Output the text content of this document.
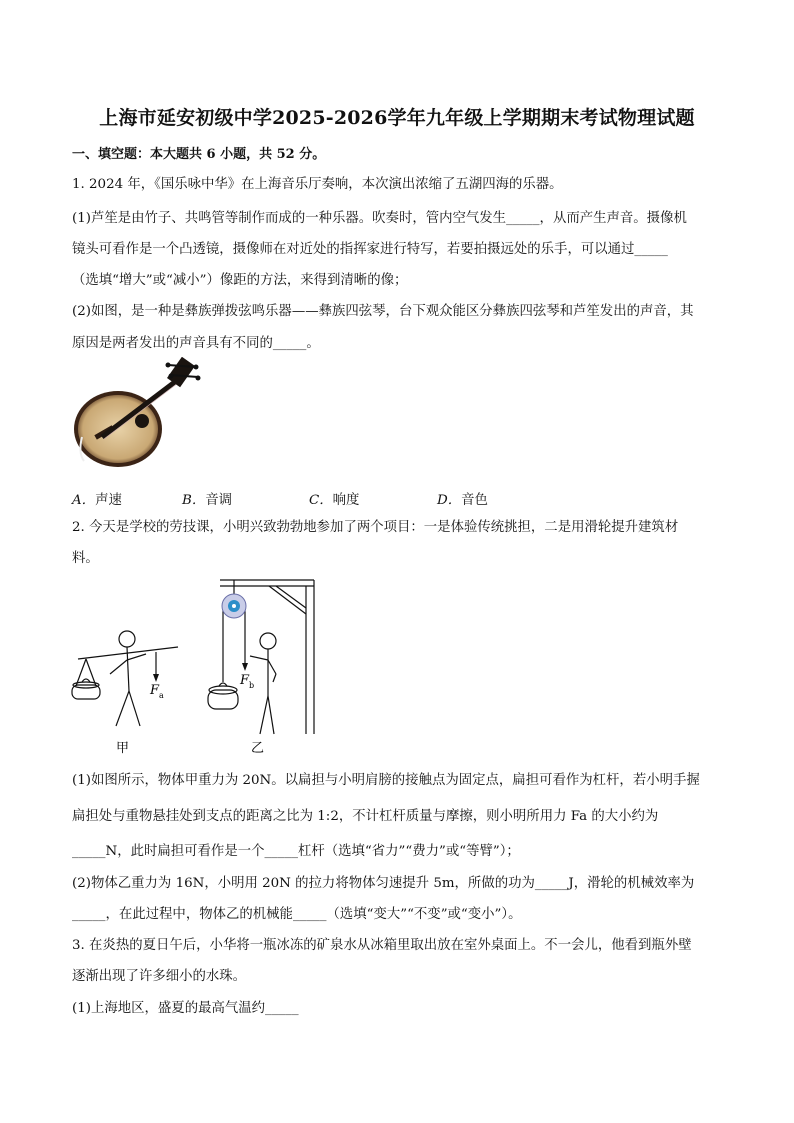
上海市延安初级中学2025-2026学年九年级上学期期末考试物理试题
一、填空题：本大题共 6 小题，共 52 分。
1. 2024 年，《国乐咏中华》在上海音乐厅奏响，本次演出浓缩了五湖四海的乐器。
(1)芦笙是由竹子、共鸣管等制作而成的一种乐器。吹奏时，管内空气发生_____，从而产生声音。摄像机
镜头可看作是一个凸透镜，摄像师在对近处的指挥家进行特写，若要拍摄远处的乐手，可以通过_____
（选填“增大”或“减小”）像距的方法，来得到清晰的像；
(2)如图，是一种是彝族弹拨弦鸣乐器——彝族四弦琴，台下观众能区分彝族四弦琴和芦笙发出的声音，其
原因是两者发出的声音具有不同的_____。
A．声速	B．音调	C．响度	D．音色
2. 今天是学校的劳技课，小明兴致勃勃地参加了两个项目：一是体验传统挑担，二是用滑轮提升建筑材
料。
F a
甲
F b
乙
(1)如图所示，物体甲重力为 20N。以扁担与小明肩膀的接触点为固定点，扁担可看作为杠杆，若小明手握
扁担处与重物悬挂处到支点的距离之比为 1:2，不计杠杆质量与摩擦，则小明所用力 Fa 的大小约为
_____N，此时扁担可看作是一个_____杠杆（选填“省力”“费力”或“等臂”）；
(2)物体乙重力为 16N，小明用 20N 的拉力将物体匀速提升 5m，所做的功为_____J，滑轮的机械效率为
_____，在此过程中，物体乙的机械能_____（选填“变大”“不变”或“变小”）。
3. 在炎热的夏日午后，小华将一瓶冰冻的矿泉水从冰箱里取出放在室外桌面上。不一会儿，他看到瓶外壁
逐渐出现了许多细小的水珠。
(1)上海地区，盛夏的最高气温约_____
